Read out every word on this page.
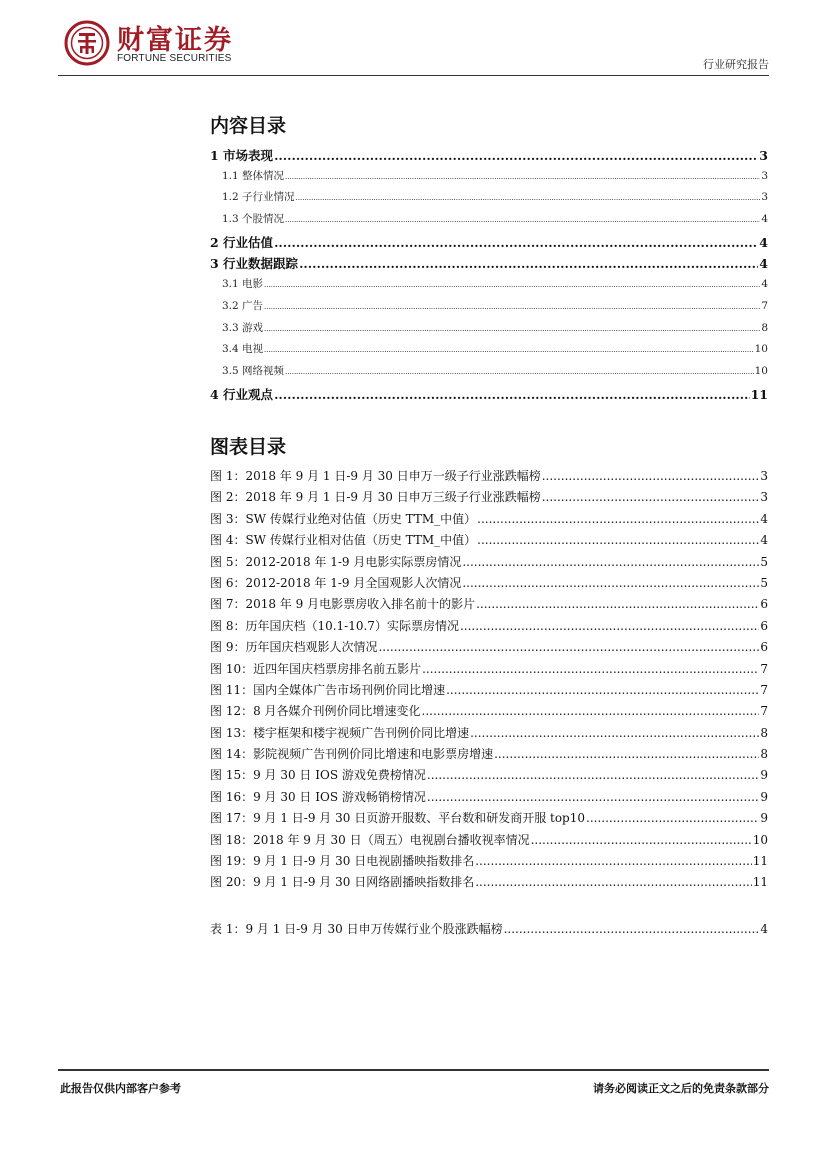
财富证券
FORTUNE SECURITIES	行业研究报告
内容目录
1 市场表现 .....	3
1.1 整体情况 .....	3
1.2 子行业情况 .....	3
1.3 个股情况 .....	4
2 行业估值 .....	4
3 行业数据跟踪 .....	4
3.1 电影 .....	4
3.2 广告 .....	7
3.3 游戏 .....	8
3.4 电视 .....	10
3.5 网络视频 .....	10
4 行业观点 .....	11
图表目录
图 1：2018 年 9 月 1 日-9 月 30 日申万一级子行业涨跌幅榜 .....	3
图 2：2018 年 9 月 1 日-9 月 30 日申万三级子行业涨跌幅榜 .....	3
图 3：SW 传媒行业绝对估值（历史 TTM_中值） .....	4
图 4：SW 传媒行业相对估值（历史 TTM_中值） .....	4
图 5：2012-2018 年 1-9 月电影实际票房情况 .....	5
图 6：2012-2018 年 1-9 月全国观影人次情况 .....	5
图 7：2018 年 9 月电影票房收入排名前十的影片 .....	6
图 8：历年国庆档（10.1-10.7）实际票房情况 .....	6
图 9：历年国庆档观影人次情况 .....	6
图 10：近四年国庆档票房排名前五影片 .....	7
图 11：国内全媒体广告市场刊例价同比增速 .....	7
图 12：8 月各媒介刊例价同比增速变化 .....	7
图 13：楼宇框架和楼宇视频广告刊例价同比增速 .....	8
图 14：影院视频广告刊例价同比增速和电影票房增速 .....	8
图 15：9 月 30 日 IOS 游戏免费榜情况 .....	9
图 16：9 月 30 日 IOS 游戏畅销榜情况 .....	9
图 17：9 月 1 日-9 月 30 日页游开服数、平台数和研发商开服 top10 .....	9
图 18：2018 年 9 月 30 日（周五）电视剧台播收视率情况 .....	10
图 19：9 月 1 日-9 月 30 日电视剧播映指数排名 .....	11
图 20：9 月 1 日-9 月 30 日网络剧播映指数排名 .....	11
表 1：9 月 1 日-9 月 30 日申万传媒行业个股涨跌幅榜 .....	4
此报告仅供内部客户参考	请务必阅读正文之后的免责条款部分
